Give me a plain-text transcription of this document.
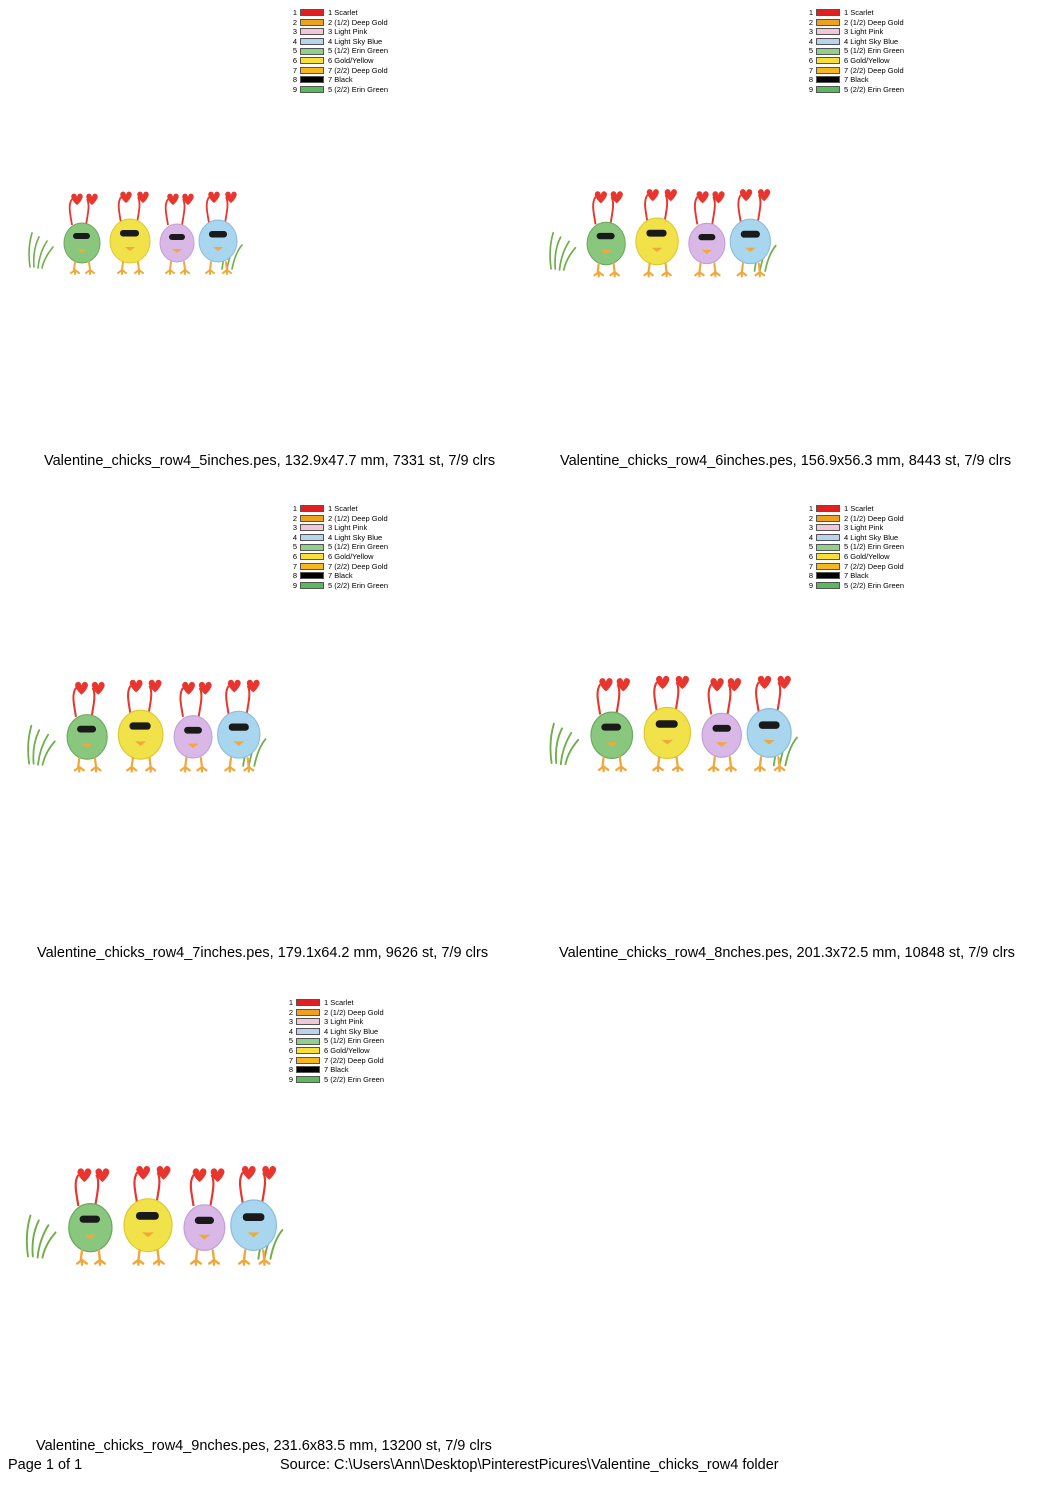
1	1 Scarlet
2	2 (1/2) Deep Gold
3	3 Light Pink
4	4 Light Sky Blue
5	5 (1/2) Erin Green
6	6 Gold/Yellow
7	7 (2/2) Deep Gold
8	7 Black
9	5 (2/2) Erin Green
Valentine_chicks_row4_5inches.pes, 132.9x47.7 mm, 7331 st, 7/9 clrs
1	1 Scarlet
2	2 (1/2) Deep Gold
3	3 Light Pink
4	4 Light Sky Blue
5	5 (1/2) Erin Green
6	6 Gold/Yellow
7	7 (2/2) Deep Gold
8	7 Black
9	5 (2/2) Erin Green
Valentine_chicks_row4_6inches.pes, 156.9x56.3 mm, 8443 st, 7/9 clrs
1	1 Scarlet
2	2 (1/2) Deep Gold
3	3 Light Pink
4	4 Light Sky Blue
5	5 (1/2) Erin Green
6	6 Gold/Yellow
7	7 (2/2) Deep Gold
8	7 Black
9	5 (2/2) Erin Green
Valentine_chicks_row4_7inches.pes, 179.1x64.2 mm, 9626 st, 7/9 clrs
1	1 Scarlet
2	2 (1/2) Deep Gold
3	3 Light Pink
4	4 Light Sky Blue
5	5 (1/2) Erin Green
6	6 Gold/Yellow
7	7 (2/2) Deep Gold
8	7 Black
9	5 (2/2) Erin Green
Valentine_chicks_row4_8nches.pes, 201.3x72.5 mm, 10848 st, 7/9 clrs
1	1 Scarlet
2	2 (1/2) Deep Gold
3	3 Light Pink
4	4 Light Sky Blue
5	5 (1/2) Erin Green
6	6 Gold/Yellow
7	7 (2/2) Deep Gold
8	7 Black
9	5 (2/2) Erin Green
Valentine_chicks_row4_9nches.pes, 231.6x83.5 mm, 13200 st, 7/9 clrs
Page 1 of 1	Source: C:\Users\Ann\Desktop\PinterestPicures\Valentine_chicks_row4 folder
